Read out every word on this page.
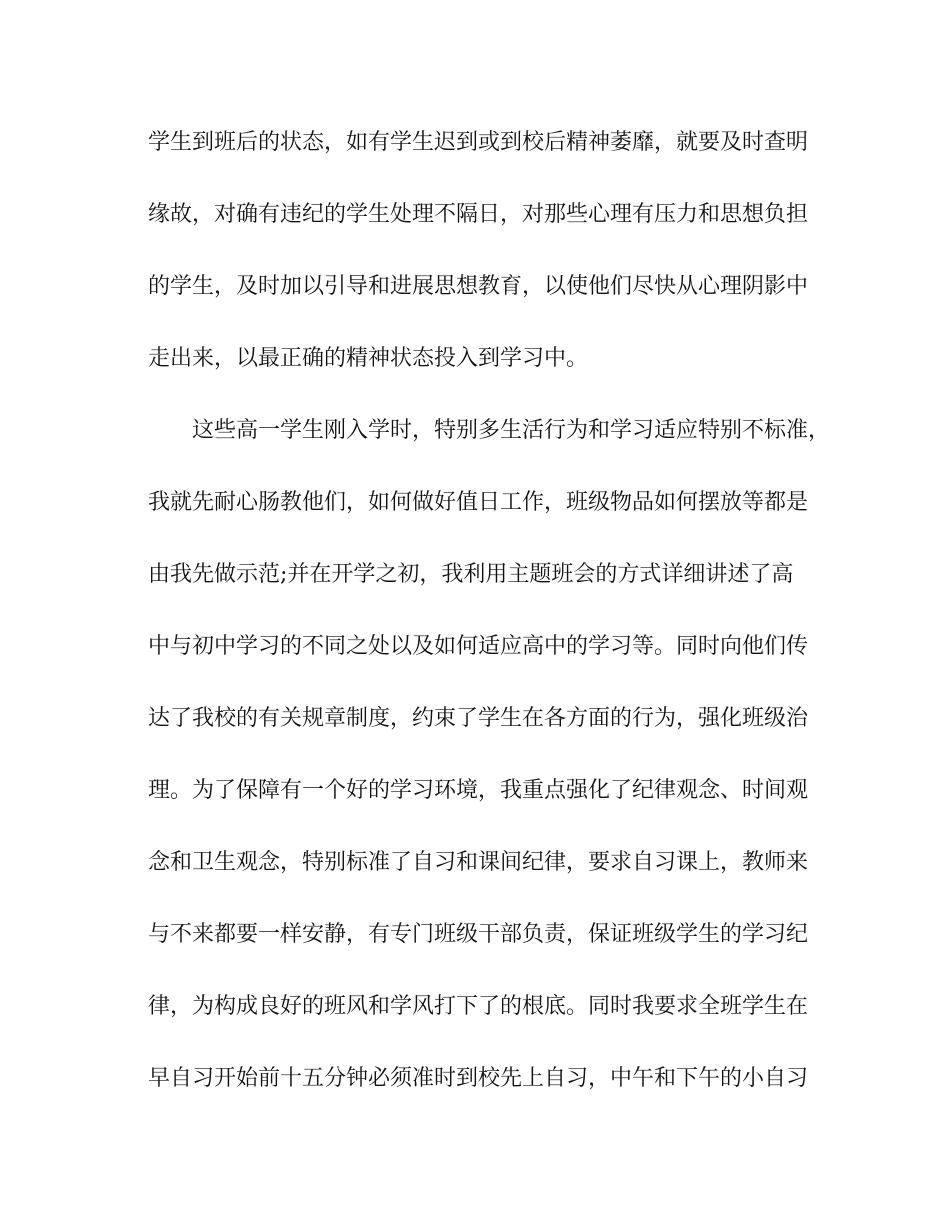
学生到班后的状态，如有学生迟到或到校后精神萎靡，就要及时查明
缘故，对确有违纪的学生处理不隔日，对那些心理有压力和思想负担
的学生，及时加以引导和进展思想教育，以使他们尽快从心理阴影中
走出来，以最正确的精神状态投入到学习中。
这些高一学生刚入学时，特别多生活行为和学习适应特别不标准，
我就先耐心肠教他们，如何做好值日工作，班级物品如何摆放等都是
由我先做示范;并在开学之初，我利用主题班会的方式详细讲述了高
中与初中学习的不同之处以及如何适应高中的学习等。同时向他们传
达了我校的有关规章制度，约束了学生在各方面的行为，强化班级治
理。为了保障有一个好的学习环境，我重点强化了纪律观念、时间观
念和卫生观念，特别标准了自习和课间纪律，要求自习课上，教师来
与不来都要一样安静，有专门班级干部负责，保证班级学生的学习纪
律，为构成良好的班风和学风打下了的根底。同时我要求全班学生在
早自习开始前十五分钟必须准时到校先上自习，中午和下午的小自习
